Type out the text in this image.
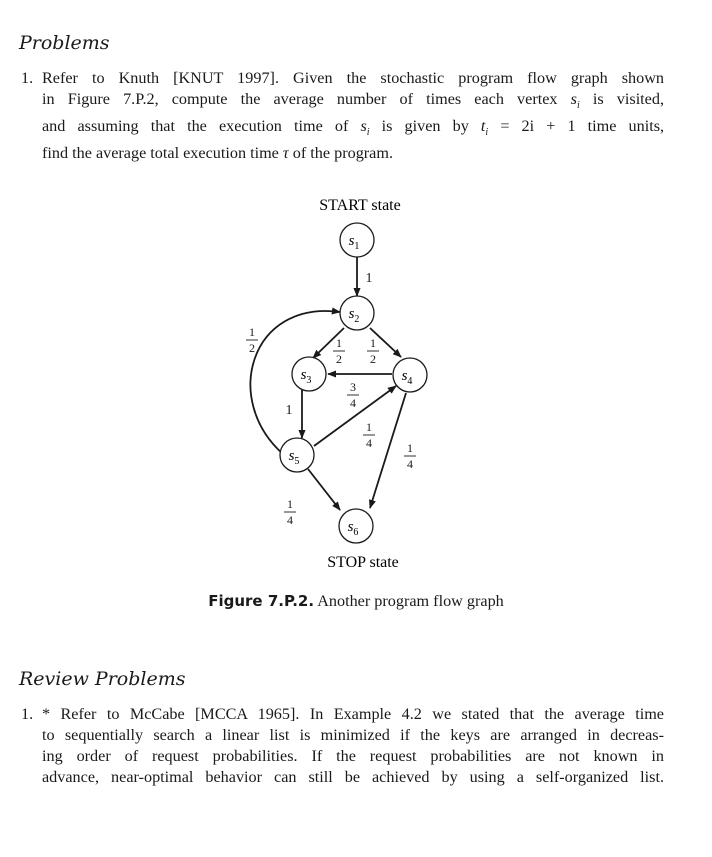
Problems
1. Refer to Knuth [KNUT 1997]. Given the stochastic program flow graph shown
in Figure 7.P.2, compute the average number of times each vertex $s_i$ is visited,
and assuming that the execution time of $s_i$ is given by $t_i = 2i + 1$ time units,
find the average total execution time τ of the program.
START state
STOP state
$s_1$
$s_2$
$s_3$	$s_4$
$s_5$
$s_6$
1
1
2
1
2
3
4
1
1
4	1
4
1
4
1
2
Figure 7.P.2. Another program flow graph
Review Problems
1. * Refer to McCabe [MCCA 1965]. In Example 4.2 we stated that the average time
to sequentially search a linear list is minimized if the keys are arranged in decreas-
ing order of request probabilities. If the request probabilities are not known in
advance, near-optimal behavior can still be achieved by using a self-organized list.
